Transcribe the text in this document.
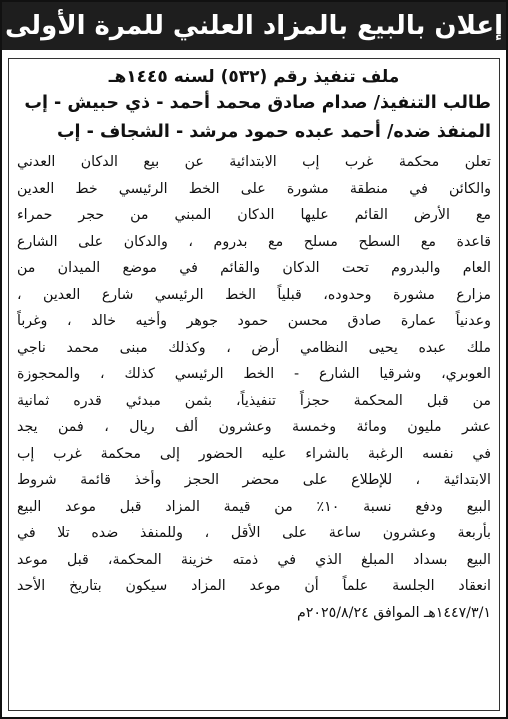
إعلان بالبيع بالمزاد العلني للمرة الأولى

ملف تنفيذ رقم (٥٣٢) لسنه ١٤٤٥هـ

طالب التنفيذ/ صدام صادق محمد أحمد - ذي حبيش - إب

المنفذ ضده/ أحمد عبده حمود مرشد - الشجاف - إب

تعلن محكمة غرب إب الابتدائية عن بيع الدكان العدني
والكائن في منطقة مشورة على الخط الرئيسي خط العدين
مع الأرض القائم عليها الدكان المبني من حجر حمراء
قاعدة مع السطح مسلح مع بدروم ، والدكان على الشارع
العام والبدروم تحت الدكان والقائم في موضع الميدان من
مزارع مشورة وحدوده، قبلياً الخط الرئيسي شارع العدين ،
وعدنياً عمارة صادق محسن حمود جوهر وأخيه خالد ، وغرباً
ملك عبده يحيى النظامي أرض ، وكذلك مبنى محمد ناجي
العوبري، وشرقيا الشارع - الخط الرئيسي كذلك ، والمحجوزة
من قبل المحكمة حجزاً تنفيذياً، بثمن مبدئي قدره ثمانية
عشر مليون ومائة وخمسة وعشرون ألف ريال ، فمن يجد
في نفسه الرغبة بالشراء عليه الحضور إلى محكمة غرب إب
الابتدائية ، للإطلاع على محضر الحجز وأخذ قائمة شروط
البيع ودفع نسبة ١٠٪ من قيمة المزاد قبل موعد البيع
بأربعة وعشرون ساعة على الأقل ، وللمنفذ ضده تلا في
البيع بسداد المبلغ الذي في ذمته خزينة المحكمة، قبل موعد
انعقاد الجلسة علماً أن موعد المزاد سيكون بتاريخ الأحد
١٤٤٧/٣/١هـ الموافق ٢٠٢٥/٨/٢٤م
